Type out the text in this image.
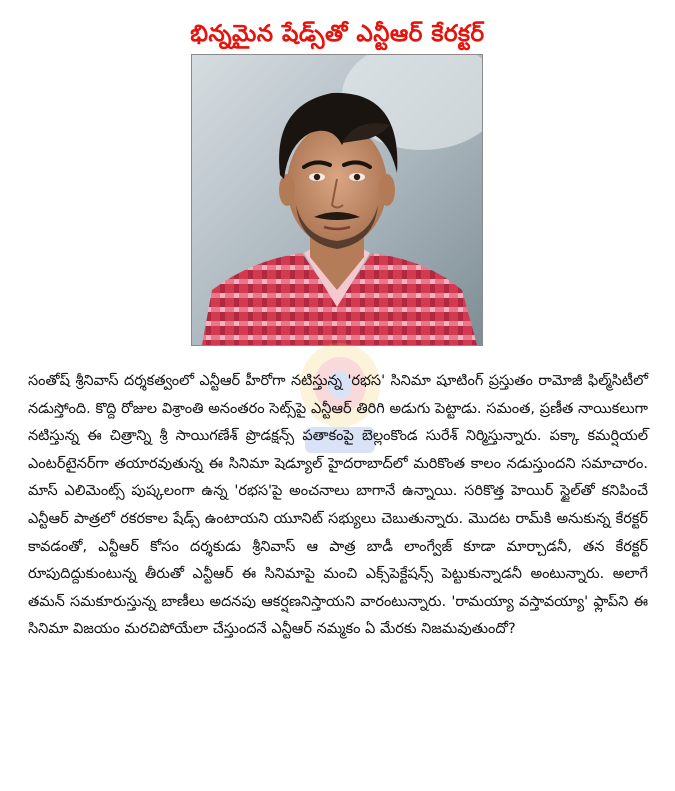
భిన్నమైన షేడ్స్‌తో ఎన్టీఆర్ కేరక్టర్

సంతోష్ శ్రీనివాస్ దర్శకత్వంలో ఎన్టీఆర్ హీరోగా నటిస్తున్న 'రభస' సినిమా షూటింగ్ ప్రస్తుతం రామోజీ ఫిల్మ్‌సిటీలో నడుస్తోంది. కొద్ది రోజుల విశ్రాంతి అనంతరం సెట్స్‌పై ఎన్టీఆర్ తిరిగి అడుగు పెట్టాడు. సమంత, ప్రణీత నాయికలుగా నటిస్తున్న ఈ చిత్రాన్ని శ్రీ సాయిగణేశ్ ప్రొడక్షన్స్ పతాకంపై బెల్లంకొండ సురేశ్ నిర్మిస్తున్నారు. పక్కా కమర్షియల్ ఎంటర్‌టైనర్‌గా తయారవుతున్న ఈ సినిమా షెడ్యూల్ హైదరాబాద్‌లో మరికొంత కాలం నడుస్తుందని సమాచారం. మాస్ ఎలిమెంట్స్ పుష్కలంగా ఉన్న 'రభస'పై అంచనాలు బాగానే ఉన్నాయి. సరికొత్త హెయిర్ స్టైల్‌తో కనిపించే ఎన్టీఆర్ పాత్రలో రకరకాల షేడ్స్ ఉంటాయని యూనిట్ సభ్యులు చెబుతున్నారు. మొదట రామ్‌కి అనుకున్న కేరక్టర్ కావడంతో, ఎన్టీఆర్ కోసం దర్శకుడు శ్రీనివాస్ ఆ పాత్ర బాడీ లాంగ్వేజ్ కూడా మార్చాడనీ, తన కేరక్టర్ రూపుదిద్దుకుంటున్న తీరుతో ఎన్టీఆర్ ఈ సినిమాపై మంచి ఎక్స్‌పెక్టేషన్స్ పెట్టుకున్నాడనీ అంటున్నారు. అలాగే తమన్ సమకూరుస్తున్న బాణీలు అదనపు ఆకర్షణనిస్తాయని వారంటున్నారు. 'రామయ్యా వస్తావయ్యా' ఫ్లాప్‌ని ఈ సినిమా విజయం మరచిపోయేలా చేస్తుందనే ఎన్టీఆర్ నమ్మకం ఏ మేరకు నిజమవుతుందో?
